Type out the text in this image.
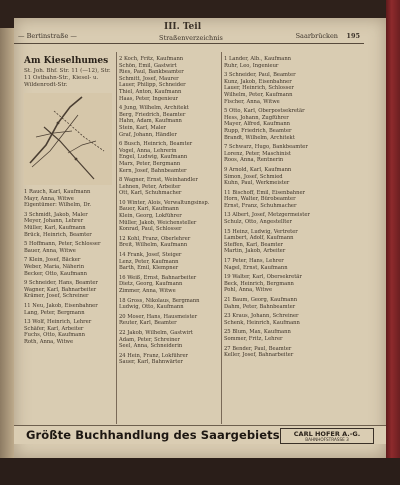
— Bertinstraße —
III. Teil
Straßenverzeichnis	Saarbrücken 195
Am Kieselhumes
St. Joh. Bhf. Str. 11 (—12), Str. 11 Ostbahn-Str., Kiesel- u. Wildenrodt-Str.
1 Rauch, Karl, Kaufmann
Mayr, Anna, Witwe
Eigentümer: Wilhelm, Dr.
3 Schmidt, Jakob, Maler
Meyer, Johann, Lehrer
Müller, Karl, Kaufmann
Brück, Heinrich, Beamter
5 Hoffmann, Peter, Schlosser
Bauer, Anna, Witwe
7 Klein, Josef, Bäcker
Weber, Maria, Näherin
Becker, Otto, Kaufmann
9 Schneider, Hans, Beamter
Wagner, Karl, Bahnarbeiter
Krämer, Josef, Schreiner
11 Neu, Jakob, Eisenbahner
Lang, Peter, Bergmann
13 Wolf, Heinrich, Lehrer
Schäfer, Karl, Arbeiter
Fuchs, Otto, Kaufmann
Roth, Anna, Witwe
2 Koch, Fritz, Kaufmann
Schön, Emil, Gastwirt
Ries, Paul, Bankbeamter
Schmitt, Josef, Maurer
Lauer, Philipp, Schneider
Thiel, Anton, Kaufmann
Haas, Peter, Ingenieur
4 Jung, Wilhelm, Architekt
Berg, Friedrich, Beamter
Hahn, Adam, Kaufmann
Stein, Karl, Maler
Graf, Johann, Händler
6 Busch, Heinrich, Beamter
Vogel, Anna, Lehrerin
Engel, Ludwig, Kaufmann
Marx, Peter, Bergmann
Kern, Josef, Bahnbeamter
8 Wagner, Ernst, Weinhandler
Lehnen, Peter, Arbeiter
Ott, Karl, Schuhmacher
10 Winter, Alois, Verwaltungsinsp.
Bauer, Karl, Kaufmann
Klein, Georg, Lokführer
Müller, Jakob, Weichensteller
Konrad, Paul, Schlosser
12 Kohl, Franz, Oberlehrer
Breit, Wilhelm, Kaufmann
14 Frank, Josef, Steiger
Lenz, Peter, Kaufmann
Barth, Emil, Klempner
16 Weiß, Ernst, Bahnarbeiter
Dietz, Georg, Kaufmann
Zimmer, Anna, Witwe
18 Gross, Nikolaus, Bergmann
Ludwig, Otto, Kaufmann
20 Moser, Hans, Hausmeister
Reuter, Karl, Beamter
22 Jakob, Wilhelm, Gastwirt
Adam, Peter, Schreiner
Seel, Anna, Schneiderin
24 Hein, Franz, Lokführer
Sauer, Karl, Bahnwärter
1 Lander, Alb., Kaufmann
Ruhr, Leo, Ingenieur
3 Schneider, Paul, Beamter
Kunz, Jakob, Eisenbahner
Lauer, Heinrich, Schlosser
Wilhelm, Peter, Kaufmann
Fischer, Anna, Witwe
5 Otto, Karl, Oberpostsekretär
Hess, Johann, Zugführer
Mayer, Alfred, Kaufmann
Rupp, Friedrich, Beamter
Brandt, Wilhelm, Architekt
7 Schwarz, Hugo, Bankbeamter
Lorenz, Peter, Maschinist
Roos, Anna, Rentnerin
9 Arnold, Karl, Kaufmann
Simon, Josef, Schmied
Kuhn, Paul, Werkmeister
11 Bischoff, Emil, Eisenbahner
Horn, Walter, Bürobeamter
Ernst, Franz, Schuhmacher
13 Albert, Josef, Metzgermeister
Schulz, Otto, Angestellter
15 Heinz, Ludwig, Vertreter
Lambert, Adolf, Kaufmann
Steffen, Karl, Beamter
Martin, Jakob, Arbeiter
17 Peter, Hans, Lehrer
Nagel, Ernst, Kaufmann
19 Walter, Karl, Obersekretär
Beck, Heinrich, Bergmann
Pohl, Anna, Witwe
21 Baum, Georg, Kaufmann
Dahm, Peter, Bahnbeamter
23 Kraus, Johann, Schreiner
Schenk, Heinrich, Kaufmann
25 Blum, Max, Kaufmann
Sommer, Fritz, Lehrer
27 Bender, Paul, Beamter
Keller, Josef, Bahnarbeiter
Größte Buchhandlung des Saargebiets	CARL HOFER A.-G.
BAHNHOFSTRASSE 3
